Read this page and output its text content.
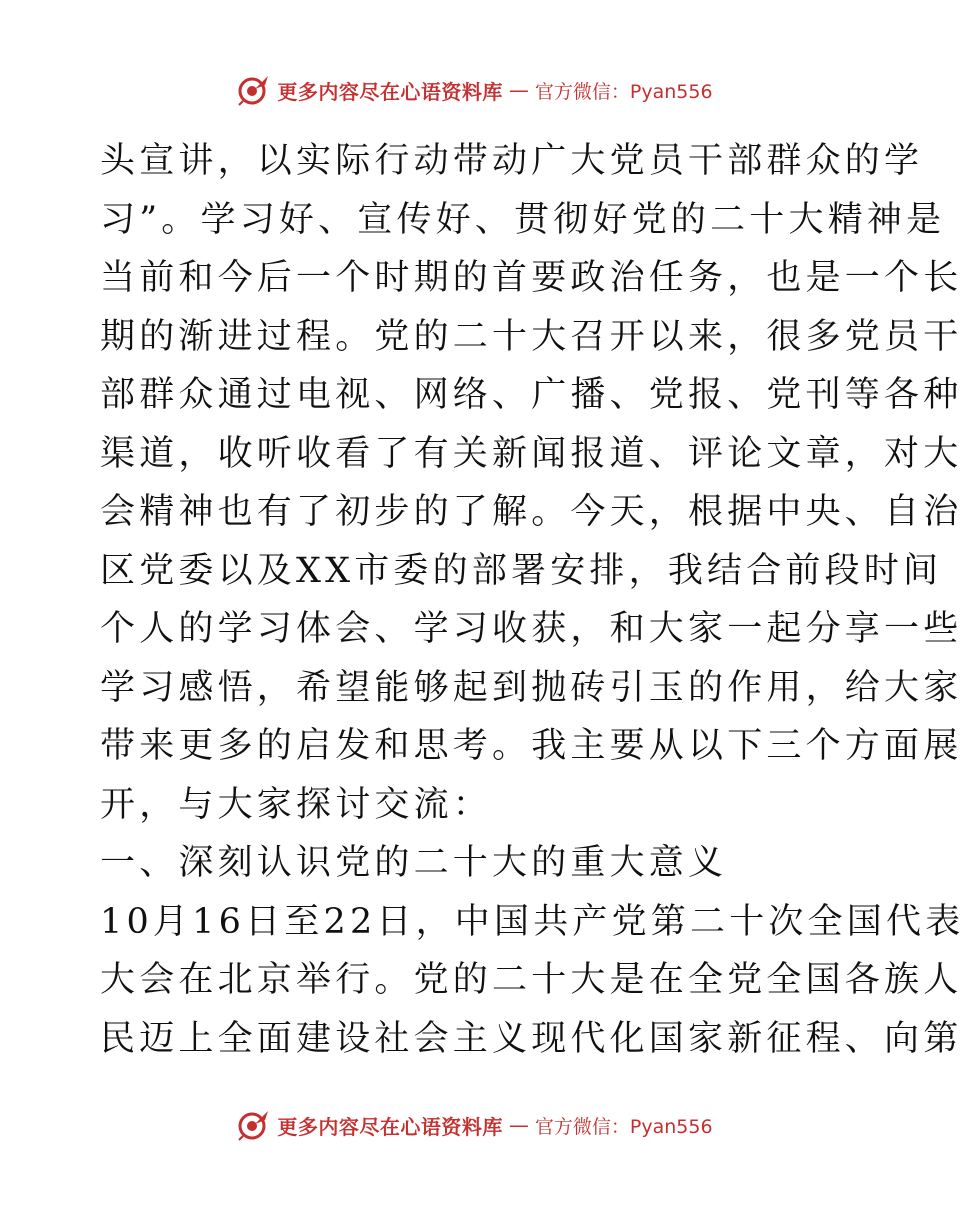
更多内容尽在心语资料库 — 官方微信：Pyan556
头宣讲，以实际行动带动广大党员干部群众的学
习”。学习好、宣传好、贯彻好党的二十大精神是
当前和今后一个时期的首要政治任务，也是一个长
期的渐进过程。党的二十大召开以来，很多党员干
部群众通过电视、网络、广播、党报、党刊等各种
渠道，收听收看了有关新闻报道、评论文章，对大
会精神也有了初步的了解。今天，根据中央、自治
区党委以及XX市委的部署安排，我结合前段时间
个人的学习体会、学习收获，和大家一起分享一些
学习感悟，希望能够起到抛砖引玉的作用，给大家
带来更多的启发和思考。我主要从以下三个方面展
开，与大家探讨交流：
一、深刻认识党的二十大的重大意义
10月16日至22日，中国共产党第二十次全国代表
大会在北京举行。党的二十大是在全党全国各族人
民迈上全面建设社会主义现代化国家新征程、向第
更多内容尽在心语资料库 — 官方微信：Pyan556
